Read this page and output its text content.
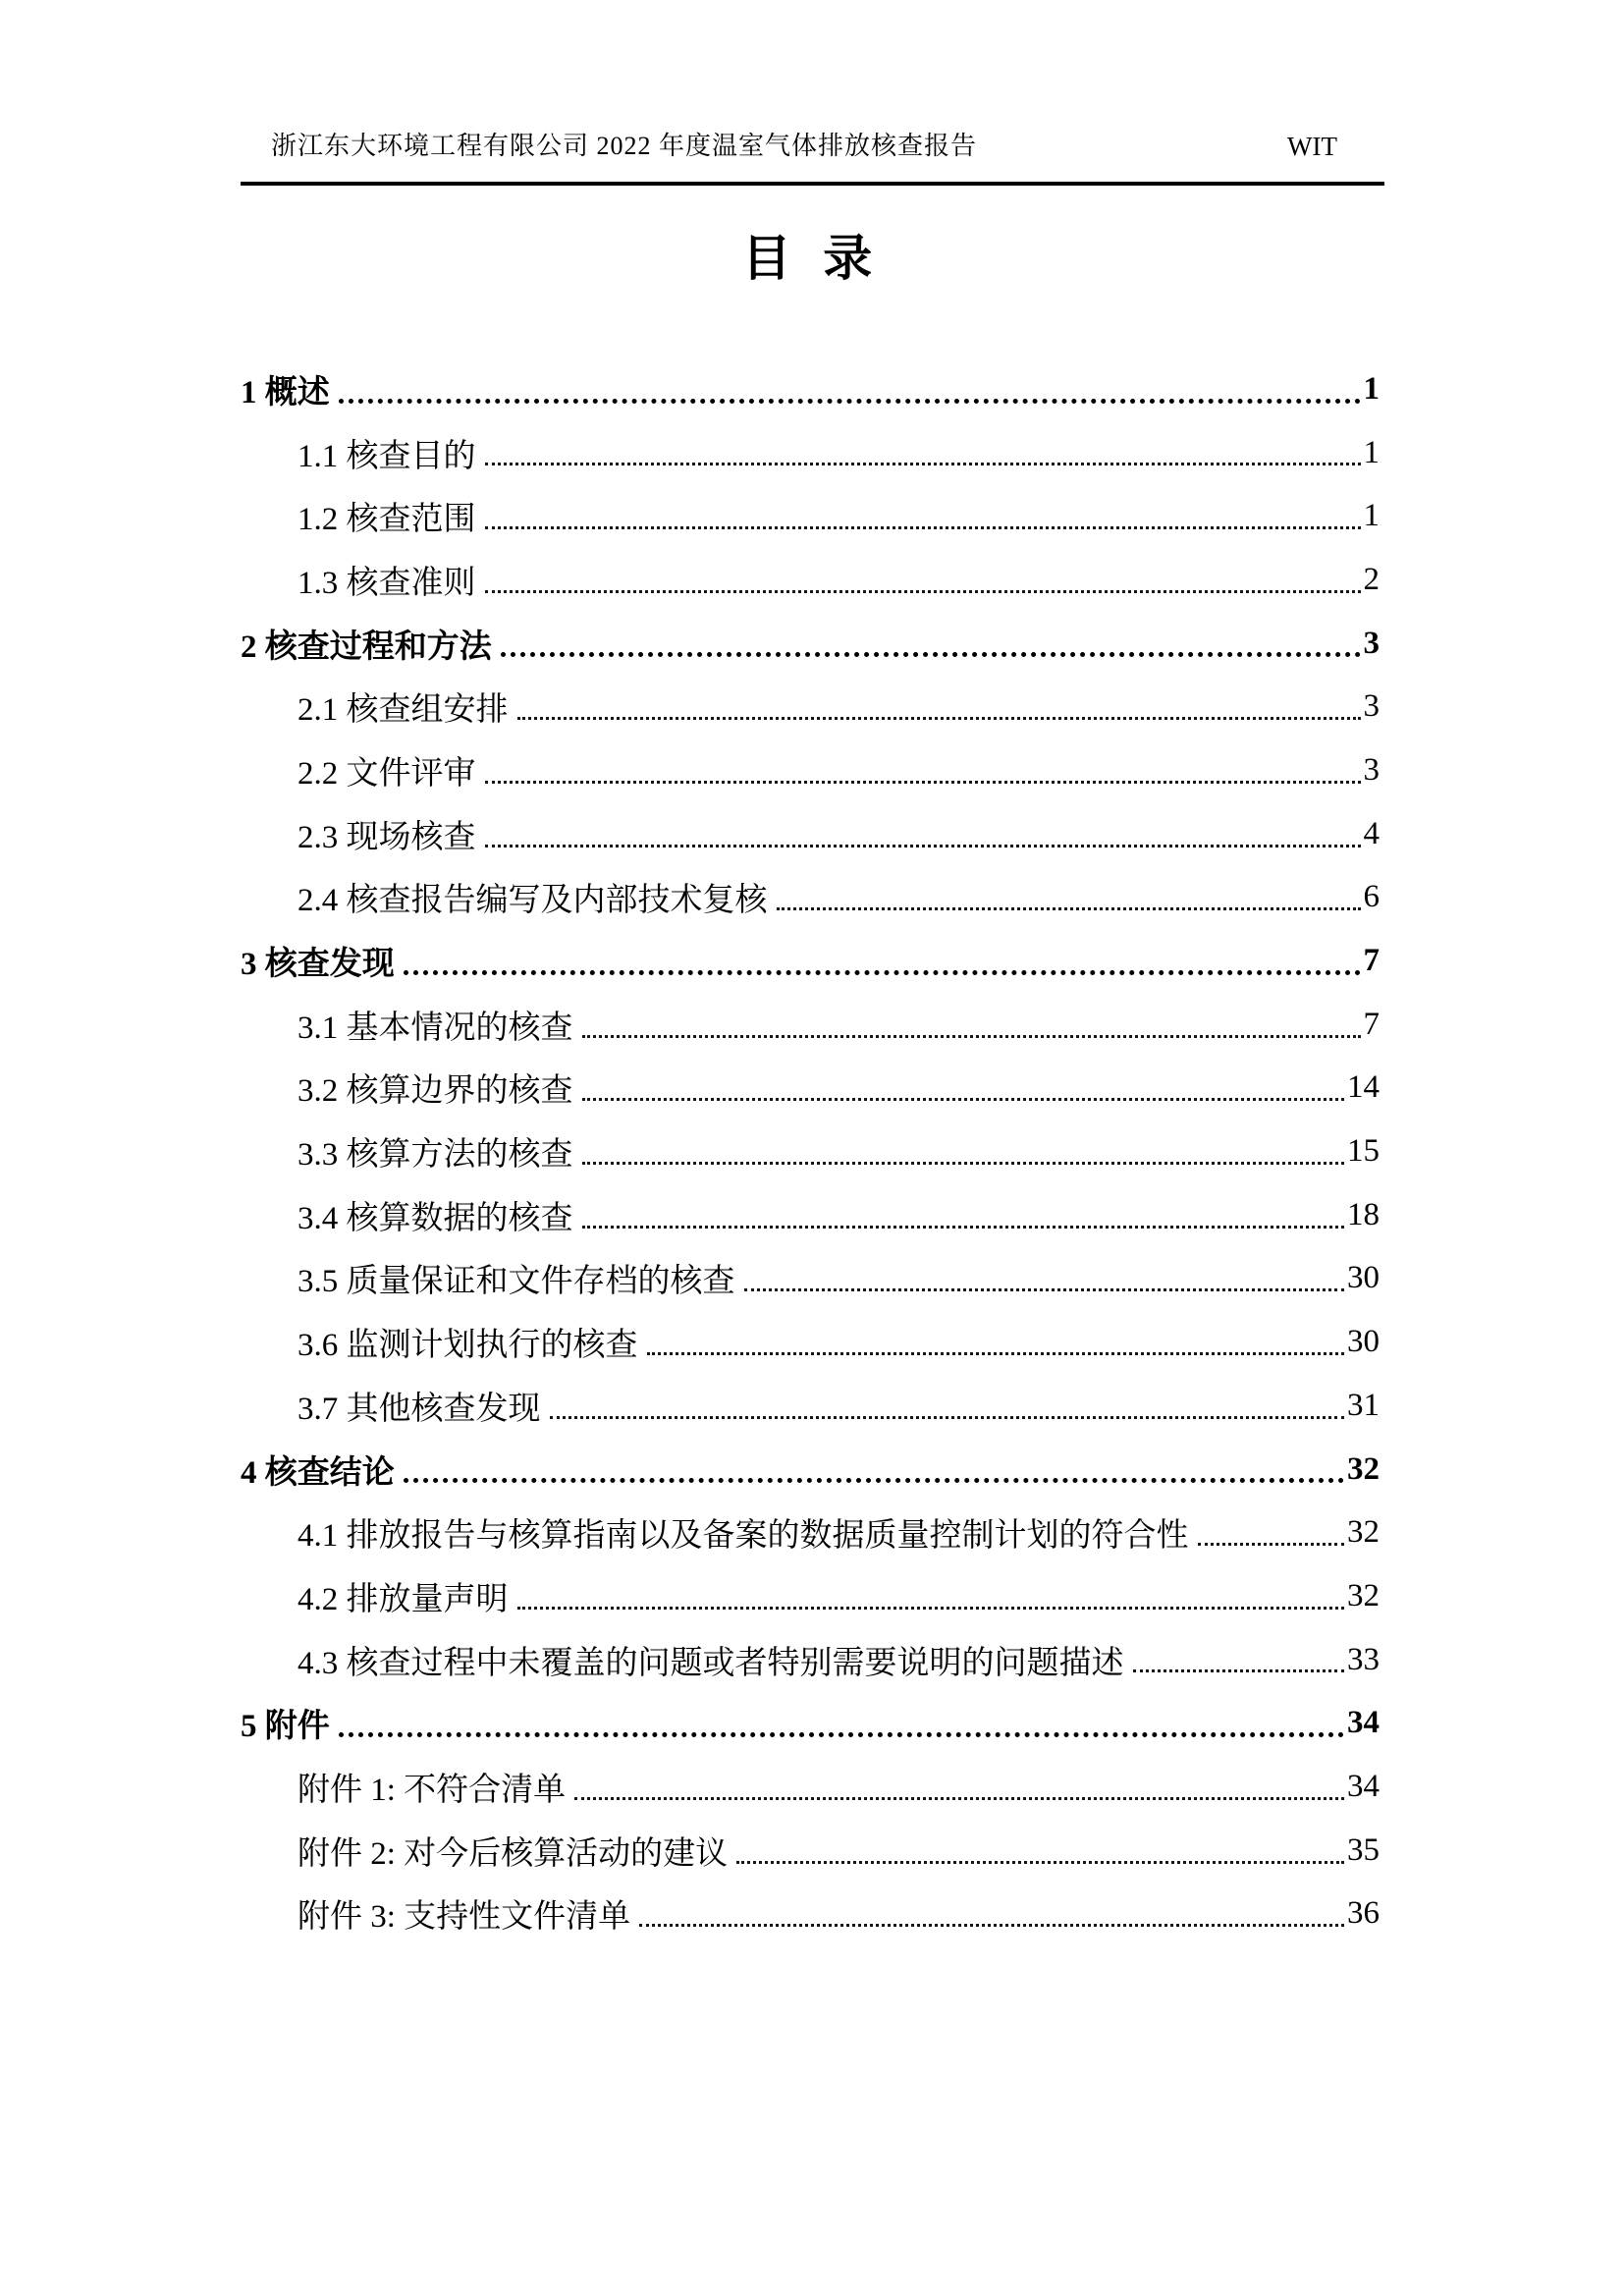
浙江东大环境工程有限公司 2022 年度温室气体排放核查报告	WIT
目 录
1 概述	1
1.1 核查目的	1
1.2 核查范围	1
1.3 核查准则	2
2 核查过程和方法	3
2.1 核查组安排	3
2.2 文件评审	3
2.3 现场核查	4
2.4 核查报告编写及内部技术复核	6
3 核查发现	7
3.1 基本情况的核查	7
3.2 核算边界的核查	14
3.3 核算方法的核查	15
3.4 核算数据的核查	18
3.5 质量保证和文件存档的核查	30
3.6 监测计划执行的核查	30
3.7 其他核查发现	31
4 核查结论	32
4.1 排放报告与核算指南以及备案的数据质量控制计划的符合性	32
4.2 排放量声明	32
4.3 核查过程中未覆盖的问题或者特别需要说明的问题描述	33
5 附件	34
附件 1: 不符合清单	34
附件 2: 对今后核算活动的建议	35
附件 3: 支持性文件清单	36
